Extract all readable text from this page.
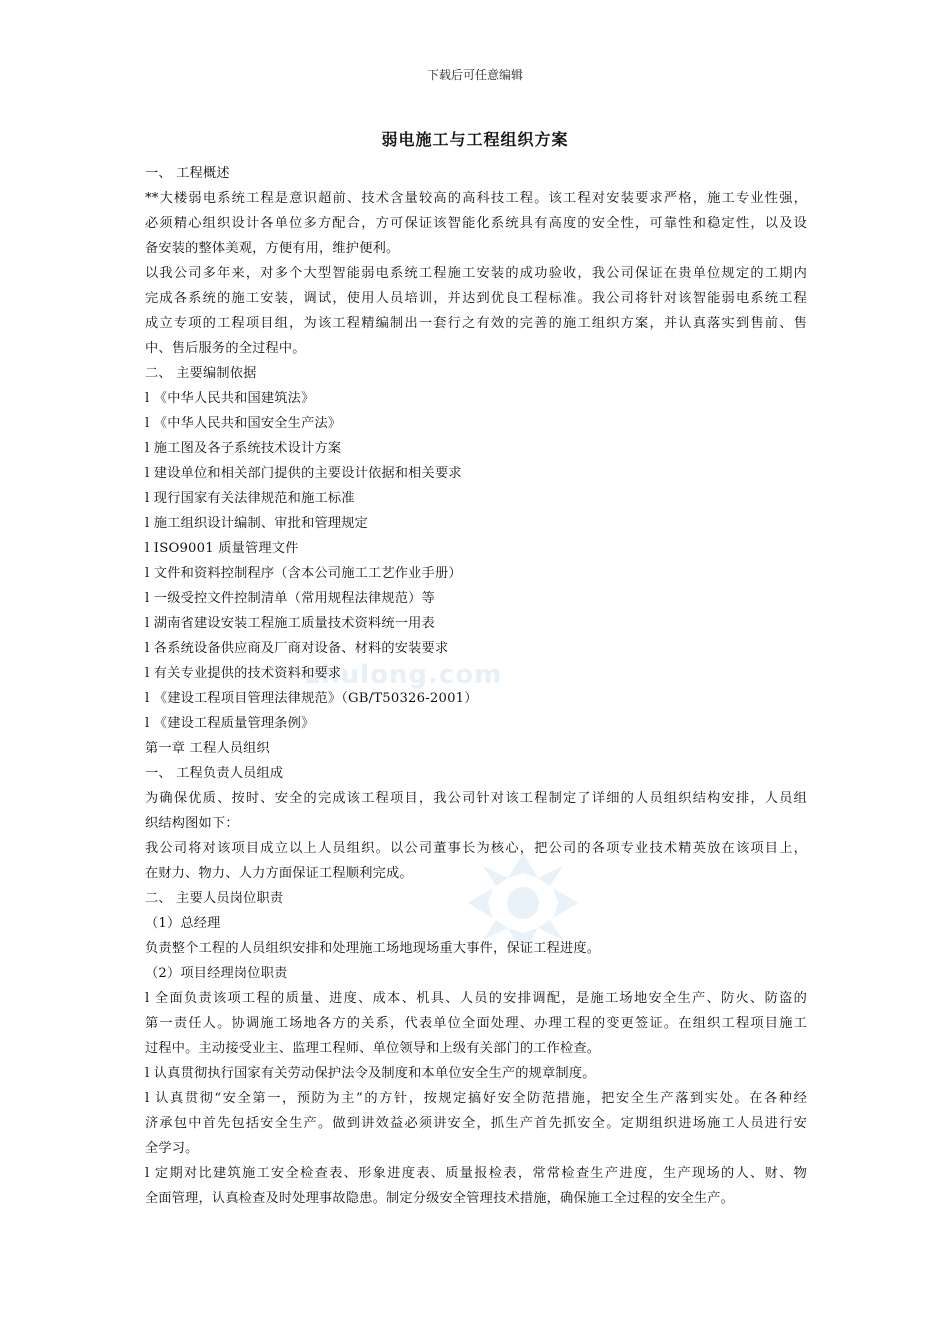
下载后可任意编辑
弱电施工与工程组织方案
zhulong.com
一、 工程概述
**大楼弱电系统工程是意识超前、技术含量较高的高科技工程。该工程对安装要求严格，施工专业性强，
必须精心组织设计各单位多方配合，方可保证该智能化系统具有高度的安全性，可靠性和稳定性，以及设
备安装的整体美观，方便有用，维护便利。
以我公司多年来，对多个大型智能弱电系统工程施工安装的成功验收，我公司保证在贵单位规定的工期内
完成各系统的施工安装，调试，使用人员培训，并达到优良工程标准。我公司将针对该智能弱电系统工程
成立专项的工程项目组，为该工程精编制出一套行之有效的完善的施工组织方案，并认真落实到售前、售
中、售后服务的全过程中。
二、 主要编制依据
l 《中华人民共和国建筑法》
l 《中华人民共和国安全生产法》
l 施工图及各子系统技术设计方案
l 建设单位和相关部门提供的主要设计依据和相关要求
l 现行国家有关法律规范和施工标准
l 施工组织设计编制、审批和管理规定
l ISO9001 质量管理文件
l 文件和资料控制程序（含本公司施工工艺作业手册）
l 一级受控文件控制清单（常用规程法律规范）等
l 湖南省建设安装工程施工质量技术资料统一用表
l 各系统设备供应商及厂商对设备、材料的安装要求
l 有关专业提供的技术资料和要求
l 《建设工程项目管理法律规范》（GB/T50326-2001）
l 《建设工程质量管理条例》
第一章 工程人员组织
一、 工程负责人员组成
为确保优质、按时、安全的完成该工程项目，我公司针对该工程制定了详细的人员组织结构安排，人员组
织结构图如下：
我公司将对该项目成立以上人员组织。以公司董事长为核心，把公司的各项专业技术精英放在该项目上，
在财力、物力、人力方面保证工程顺利完成。
二、 主要人员岗位职责
（1）总经理
负责整个工程的人员组织安排和处理施工场地现场重大事件，保证工程进度。
（2）项目经理岗位职责
l 全面负责该项工程的质量、进度、成本、机具、人员的安排调配，是施工场地安全生产、防火、防盗的
第一责任人。协调施工场地各方的关系，代表单位全面处理、办理工程的变更签证。在组织工程项目施工
过程中。主动接受业主、监理工程师、单位领导和上级有关部门的工作检查。
l 认真贯彻执行国家有关劳动保护法令及制度和本单位安全生产的规章制度。
l 认真贯彻“安全第一，预防为主”的方针，按规定搞好安全防范措施，把安全生产落到实处。在各种经
济承包中首先包括安全生产。做到讲效益必须讲安全，抓生产首先抓安全。定期组织进场施工人员进行安
全学习。
l 定期对比建筑施工安全检查表、形象进度表、质量报检表，常常检查生产进度，生产现场的人、财、物
全面管理，认真检查及时处理事故隐患。制定分级安全管理技术措施，确保施工全过程的安全生产。
